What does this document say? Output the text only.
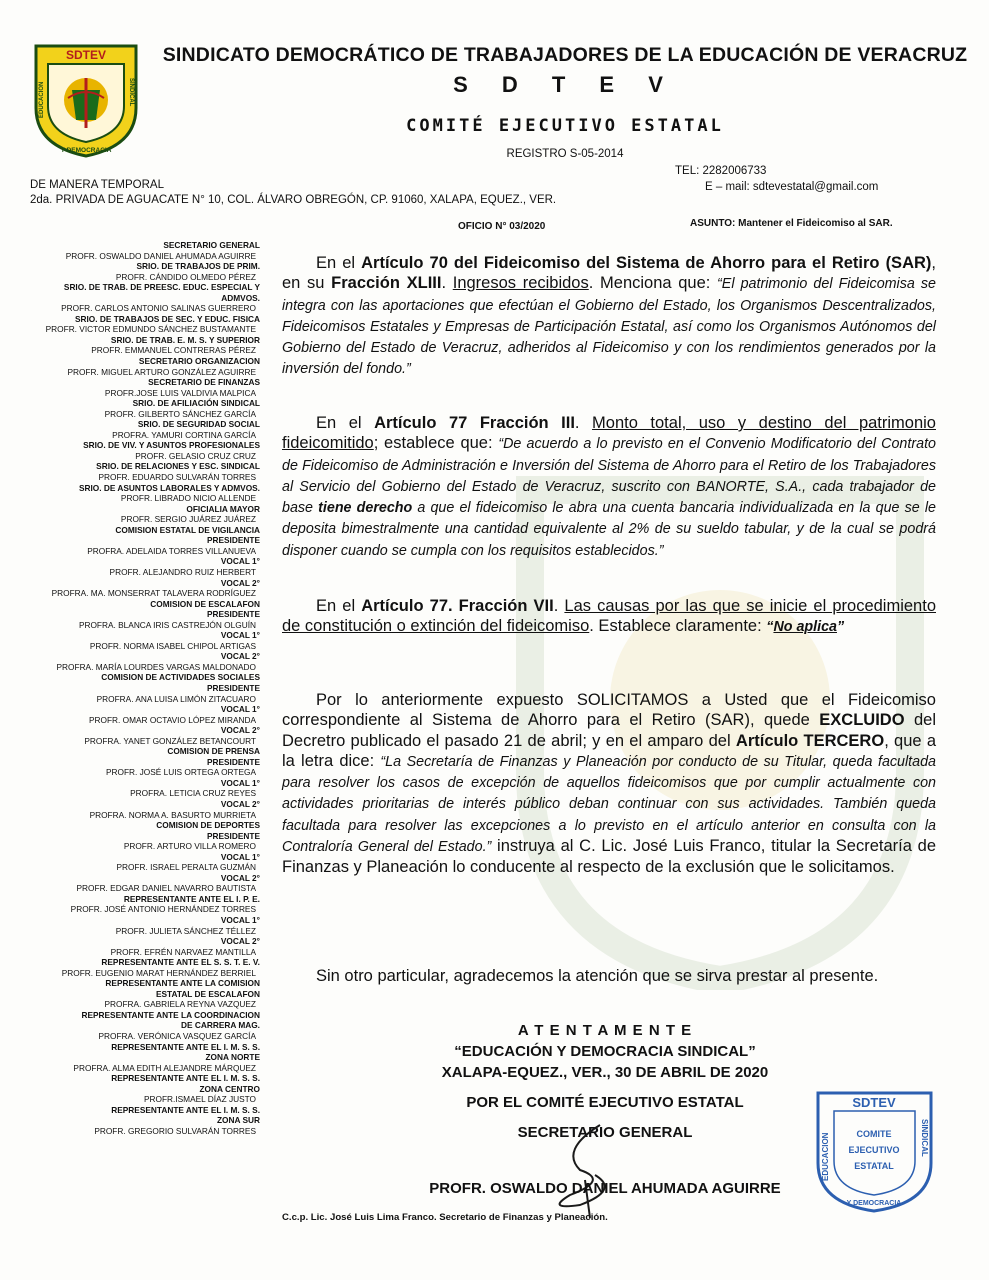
SDTEV
EDUCACION	SINDICAL
Y DEMOCRACIA
SINDICATO DEMOCRÁTICO DE TRABAJADORES DE LA EDUCACIÓN DE VERACRUZ
S D T E V
COMITÉ EJECUTIVO ESTATAL
REGISTRO S-05-2014
TEL: 2282006733
E – mail: sdtevestatal@gmail.com
DE MANERA TEMPORAL
2da. PRIVADA DE AGUACATE N° 10, COL. ÁLVARO OBREGÓN, CP. 91060, XALAPA, EQUEZ., VER.
OFICIO N° 03/2020	ASUNTO: Mantener el Fideicomiso al SAR.
SECRETARIO GENERAL
PROFR. OSWALDO DANIEL AHUMADA AGUIRRE
SRIO. DE TRABAJOS DE PRIM.
PROFR. CÁNDIDO OLMEDO PÉREZ
SRIO. DE TRAB. DE PREESC. EDUC. ESPECIAL Y
ADMVOS.
PROFR. CARLOS ANTONIO SALINAS GUERRERO
SRIO. DE TRABAJOS DE SEC. Y EDUC. FISICA
PROFR. VICTOR EDMUNDO SÁNCHEZ BUSTAMANTE
SRIO. DE TRAB. E. M. S. Y SUPERIOR
PROFR. EMMANUEL CONTRERAS PÉREZ
SECRETARIO ORGANIZACION
PROFR. MIGUEL ARTURO GONZÁLEZ AGUIRRE
SECRETARIO DE FINANZAS
PROFR.JOSE LUIS VALDIVIA MALPICA
SRIO. DE AFILIACIÓN SINDICAL
PROFR. GILBERTO SÁNCHEZ GARCÍA
SRIO. DE SEGURIDAD SOCIAL
PROFRA. YAMURI CORTINA GARCÍA
SRIO. DE VIV. Y ASUNTOS PROFESIONALES
PROFR. GELASIO CRUZ CRUZ
SRIO. DE RELACIONES Y ESC. SINDICAL
PROFR. EDUARDO SULVARÁN TORRES
SRIO. DE ASUNTOS LABORALES Y ADMVOS.
PROFR. LIBRADO NICIO ALLENDE
OFICIALIA MAYOR
PROFR. SERGIO JUÁREZ JUÁREZ
COMISION ESTATAL DE VIGILANCIA
PRESIDENTE
PROFRA. ADELAIDA TORRES VILLANUEVA
VOCAL 1°
PROFR. ALEJANDRO RUIZ HERBERT
VOCAL 2°
PROFRA. MA. MONSERRAT TALAVERA RODRÍGUEZ
COMISION DE ESCALAFON
PRESIDENTE
PROFRA. BLANCA IRIS CASTREJÓN OLGUÍN
VOCAL 1°
PROFR. NORMA ISABEL CHIPOL ARTIGAS
VOCAL 2°
PROFRA. MARÍA LOURDES VARGAS MALDONADO
COMISION DE ACTIVIDADES SOCIALES
PRESIDENTE
PROFRA. ANA LUISA LIMÓN ZITACUARO
VOCAL 1°
PROFR. OMAR OCTAVIO LÓPEZ MIRANDA
VOCAL 2°
PROFRA. YANET GONZÁLEZ BETANCOURT
COMISION DE PRENSA
PRESIDENTE
PROFR. JOSÉ LUIS ORTEGA ORTEGA
VOCAL 1°
PROFRA. LETICIA CRUZ REYES
VOCAL 2°
PROFRA. NORMA A. BASURTO MURRIETA
COMISION DE DEPORTES
PRESIDENTE
PROFR. ARTURO VILLA ROMERO
VOCAL 1°
PROFR. ISRAEL PERALTA GUZMÁN
VOCAL 2°
PROFR. EDGAR DANIEL NAVARRO BAUTISTA
REPRESENTANTE ANTE EL I. P. E.
PROFR. JOSÉ ANTONIO HERNÁNDEZ TORRES
VOCAL 1°
PROFR. JULIETA SÁNCHEZ TÉLLEZ
VOCAL 2°
PROFR. EFRÉN NARVAEZ MANTILLA
REPRESENTANTE ANTE EL S. S. T. E. V.
PROFR. EUGENIO MARAT HERNÁNDEZ BERRIEL
REPRESENTANTE ANTE LA COMISION
ESTATAL DE ESCALAFON
PROFRA. GABRIELA REYNA VAZQUEZ
REPRESENTANTE ANTE LA COORDINACION
DE CARRERA MAG.
PROFRA. VERÓNICA VASQUEZ GARCÍA
REPRESENTANTE ANTE EL I. M. S. S.
ZONA NORTE
PROFRA. ALMA EDITH ALEJANDRE MÁRQUEZ
REPRESENTANTE ANTE EL I. M. S. S.
ZONA CENTRO
PROFR.ISMAEL DÍAZ JUSTO
REPRESENTANTE ANTE EL I. M. S. S.
ZONA SUR
PROFR. GREGORIO SULVARÁN TORRES
En el Artículo 70 del Fideicomiso del Sistema de Ahorro para el Retiro (SAR), en su Fracción XLIII. Ingresos recibidos. Menciona que: “El patrimonio del Fideicomisa se integra con las aportaciones que efectúan el Gobierno del Estado, los Organismos Descentralizados, Fideicomisos Estatales y Empresas de Participación Estatal, así como los Organismos Autónomos del Gobierno del Estado de Veracruz, adheridos al Fideicomiso y con los rendimientos generados por la inversión del fondo.”
En el Artículo 77 Fracción III. Monto total, uso y destino del patrimonio fideicomitido; establece que: “De acuerdo a lo previsto en el Convenio Modificatorio del Contrato de Fideicomiso de Administración e Inversión del Sistema de Ahorro para el Retiro de los Trabajadores al Servicio del Gobierno del Estado de Veracruz, suscrito con BANORTE, S.A., cada trabajador de base tiene derecho a que el fideicomiso le abra una cuenta bancaria individualizada en la que se le deposita bimestralmente una cantidad equivalente al 2% de su sueldo tabular, y de la cual se podrá disponer cuando se cumpla con los requisitos establecidos.”
En el Artículo 77. Fracción VII. Las causas por las que se inicie el procedimiento de constitución o extinción del fideicomiso. Establece claramente: “No aplica”
Por lo anteriormente expuesto SOLICITAMOS a Usted que el Fideicomiso correspondiente al Sistema de Ahorro para el Retiro (SAR), quede EXCLUIDO del Decretro publicado el pasado 21 de abril; y en el amparo del Artículo TERCERO, que a la letra dice: “La Secretaría de Finanzas y Planeación por conducto de su Titular, queda facultada para resolver los casos de excepción de aquellos fideicomisos que por cumplir actualmente con actividades prioritarias de interés público deban continuar con sus actividades. También queda facultada para resolver las excepciones a lo previsto en el artículo anterior en consulta con la Contraloría General del Estado.” instruya al C. Lic. José Luis Franco, titular la Secretaría de Finanzas y Planeación lo conducente al respecto de la exclusión que le solicitamos.
Sin otro particular, agradecemos la atención que se sirva prestar al presente.
A T E N T A M E N T E
“EDUCACIÓN Y DEMOCRACIA SINDICAL”
XALAPA-EQUEZ., VER., 30 DE ABRIL DE 2020
POR EL COMITÉ EJECUTIVO ESTATAL
SECRETARIO GENERAL
PROFR. OSWALDO DANIEL AHUMADA AGUIRRE
C.c.p. Lic. José Luis Lima Franco. Secretario de Finanzas y Planeación.
SDTEV
COMITE
EJECUTIVO
ESTATAL
EDUCACION	SINDICAL
Y DEMOCRACIA
